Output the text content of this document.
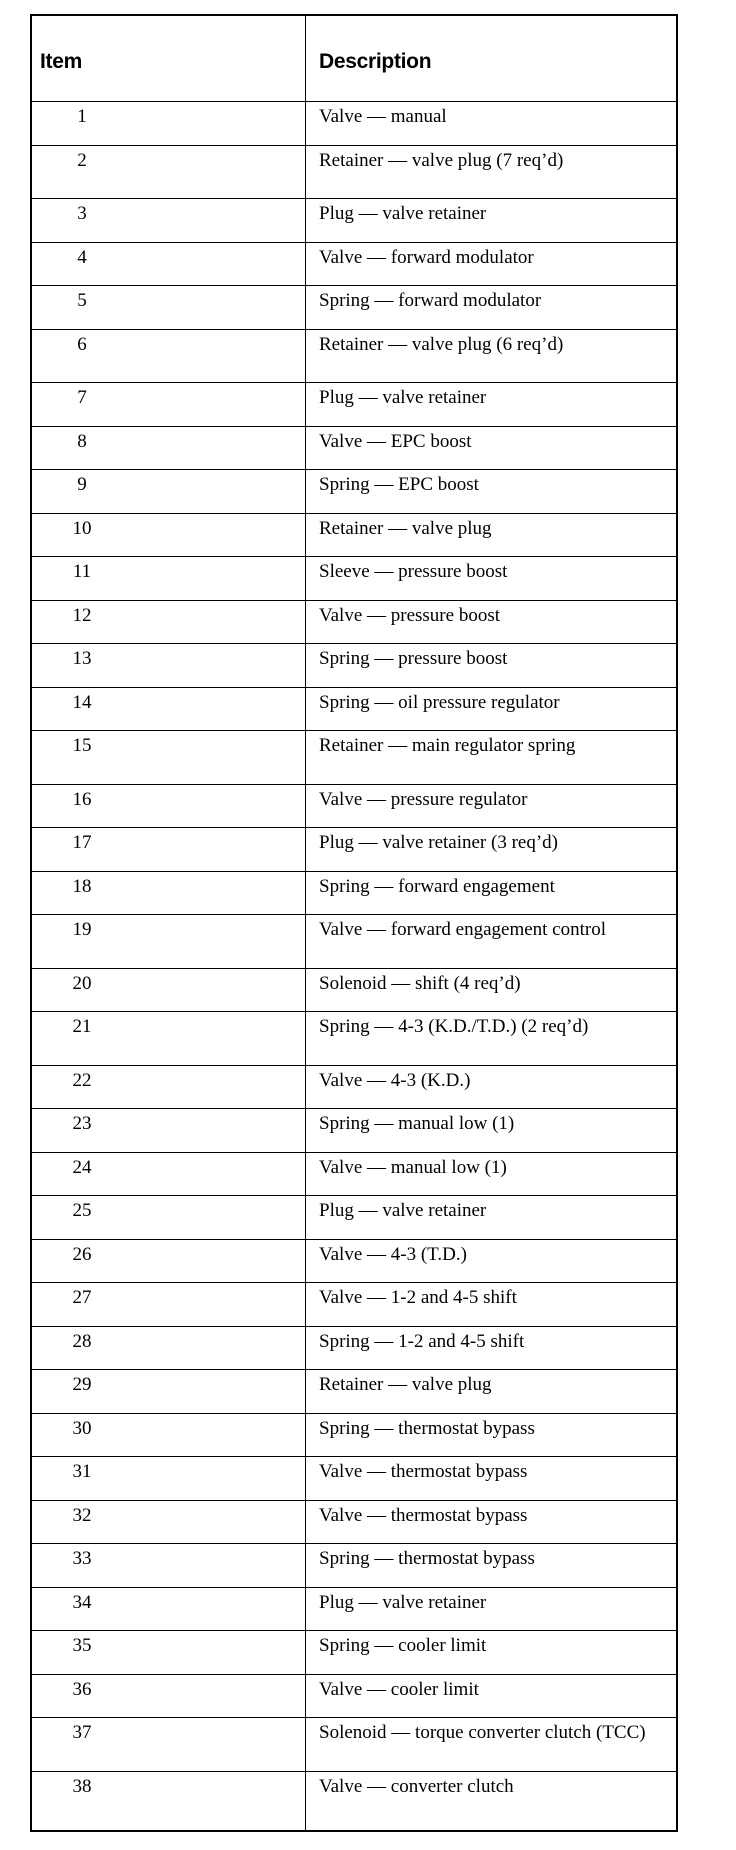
Item	Description
1	Valve — manual
2	Retainer — valve plug (7 req’d)
3	Plug — valve retainer
4	Valve — forward modulator
5	Spring — forward modulator
6	Retainer — valve plug (6 req’d)
7	Plug — valve retainer
8	Valve — EPC boost
9	Spring — EPC boost
10	Retainer — valve plug
11	Sleeve — pressure boost
12	Valve — pressure boost
13	Spring — pressure boost
14	Spring — oil pressure regulator
15	Retainer — main regulator spring
16	Valve — pressure regulator
17	Plug — valve retainer (3 req’d)
18	Spring — forward engagement
19	Valve — forward engagement control
20	Solenoid — shift (4 req’d)
21	Spring — 4-3 (K.D./T.D.) (2 req’d)
22	Valve — 4-3 (K.D.)
23	Spring — manual low (1)
24	Valve — manual low (1)
25	Plug — valve retainer
26	Valve — 4-3 (T.D.)
27	Valve — 1-2 and 4-5 shift
28	Spring — 1-2 and 4-5 shift
29	Retainer — valve plug
30	Spring — thermostat bypass
31	Valve — thermostat bypass
32	Valve — thermostat bypass
33	Spring — thermostat bypass
34	Plug — valve retainer
35	Spring — cooler limit
36	Valve — cooler limit
37	Solenoid — torque converter clutch (TCC)
38	Valve — converter clutch
